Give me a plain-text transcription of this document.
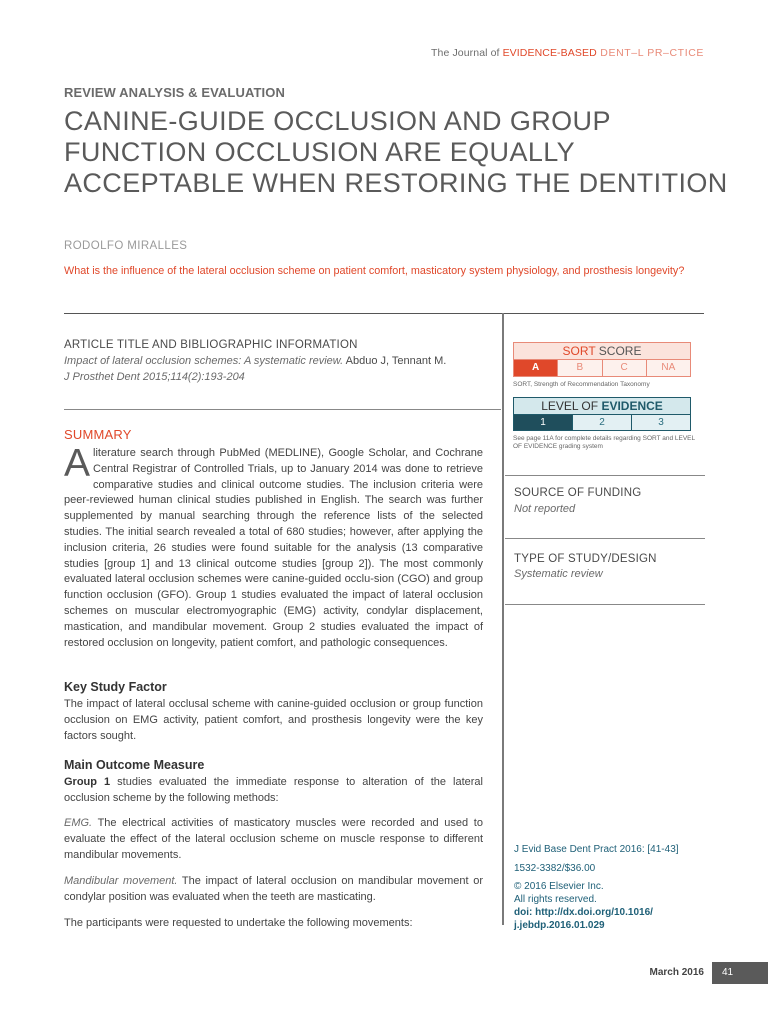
The Journal of EVIDENCE-BASED DENT–L PR–CTICE
REVIEW ANALYSIS & EVALUATION
CANINE-GUIDE OCCLUSION AND GROUP
FUNCTION OCCLUSION ARE EQUALLY
ACCEPTABLE WHEN RESTORING THE DENTITION
RODOLFO MIRALLES

What is the influence of the lateral occlusion scheme on patient comfort, masticatory system physiology, and prosthesis longevity?

ARTICLE TITLE AND BIBLIOGRAPHIC INFORMATION
Impact of lateral occlusion schemes: A systematic review. Abduo J, Tennant M.
J Prosthet Dent 2015;114(2):193-204
SUMMARY

Aliterature search through PubMed (MEDLINE), Google Scholar, and Cochrane Central Registrar of Controlled Trials, up to January 2014 was done to retrieve comparative studies and clinical outcome studies. The inclusion criteria were peer-reviewed human clinical studies published in English. The search was further supplemented by manual searching through the reference lists of the selected studies. The initial search revealed a total of 680 studies; however, after applying the inclusion criteria, 26 studies were found suitable for the analysis (13 comparative studies [group 1] and 13 clinical outcome studies [group 2]). The most commonly evaluated lateral occlusion schemes were canine-guided occlu-sion (CGO) and group function occlusion (GFO). Group 1 studies evaluated the impact of lateral occlusion schemes on muscular electromyographic (EMG) activity, condylar displacement, mastication, and mandibular movement. Group 2 studies evaluated the impact of restored occlusion on longevity, patient comfort, and pathologic consequences.

Key Study Factor

The impact of lateral occlusal scheme with canine-guided occlusion or group function occlusion on EMG activity, patient comfort, and prosthesis longevity were the key factors sought.

Main Outcome Measure

Group 1 studies evaluated the immediate response to alteration of the lateral occlusion scheme by the following methods:

EMG. The electrical activities of masticatory muscles were recorded and used to evaluate the effect of the lateral occlusion scheme on muscle response to different mandibular movements.

Mandibular movement. The impact of lateral occlusion on mandibular movement or condylar position was evaluated when the teeth are masticating.

The participants were requested to undertake the following movements:

SORT SCORE
A	B	C	NA
SORT, Strength of Recommendation Taxonomy
LEVEL OF EVIDENCE
1	2	3
See page 11A for complete details regarding SORT and LEVEL OF EVIDENCE grading system
SOURCE OF FUNDING
Not reported
TYPE OF STUDY/DESIGN
Systematic review
J Evid Base Dent Pract 2016: [41-43]
1532-3382/$36.00
© 2016 Elsevier Inc.
All rights reserved.
doi: http://dx.doi.org/10.1016/
j.jebdp.2016.01.029
March 2016	41
